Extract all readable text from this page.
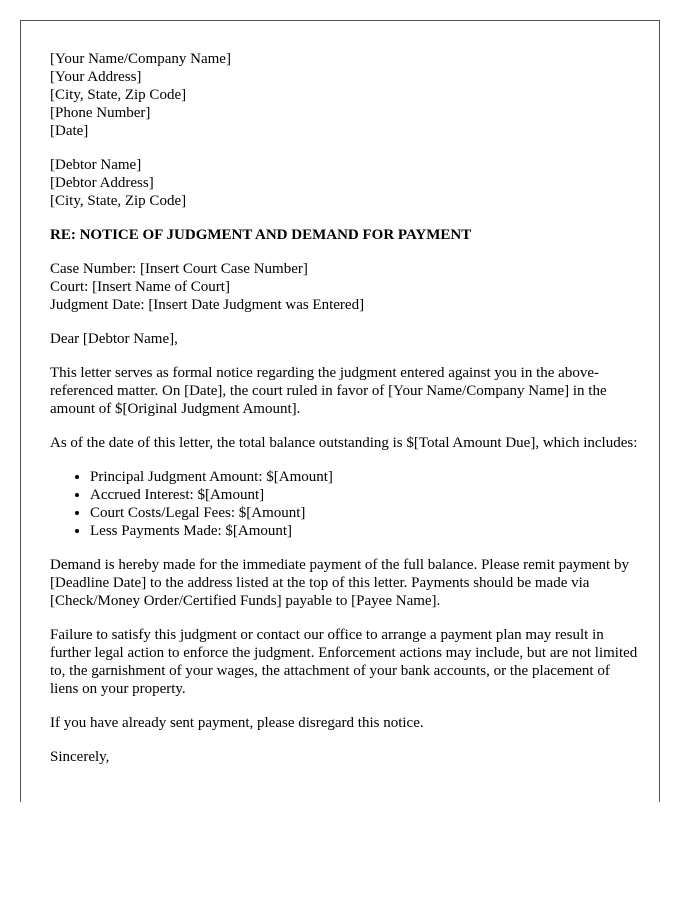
[Your Name/Company Name]
[Your Address]
[City, State, Zip Code]
[Phone Number]
[Date]
[Debtor Name]
[Debtor Address]
[City, State, Zip Code]
RE: NOTICE OF JUDGMENT AND DEMAND FOR PAYMENT
Case Number: [Insert Court Case Number]
Court: [Insert Name of Court]
Judgment Date: [Insert Date Judgment was Entered]

Dear [Debtor Name],

This letter serves as formal notice regarding the judgment entered against you in the above-referenced matter. On [Date], the court ruled in favor of [Your Name/Company Name] in the amount of $[Original Judgment Amount].

As of the date of this letter, the total balance outstanding is $[Total Amount Due], which includes:

• Principal Judgment Amount: $[Amount]
• Accrued Interest: $[Amount]
• Court Costs/Legal Fees: $[Amount]
• Less Payments Made: $[Amount]

Demand is hereby made for the immediate payment of the full balance. Please remit payment by [Deadline Date] to the address listed at the top of this letter. Payments should be made via [Check/Money Order/Certified Funds] payable to [Payee Name].

Failure to satisfy this judgment or contact our office to arrange a payment plan may result in further legal action to enforce the judgment. Enforcement actions may include, but are not limited to, the garnishment of your wages, the attachment of your bank accounts, or the placement of liens on your property.

If you have already sent payment, please disregard this notice.

Sincerely,
